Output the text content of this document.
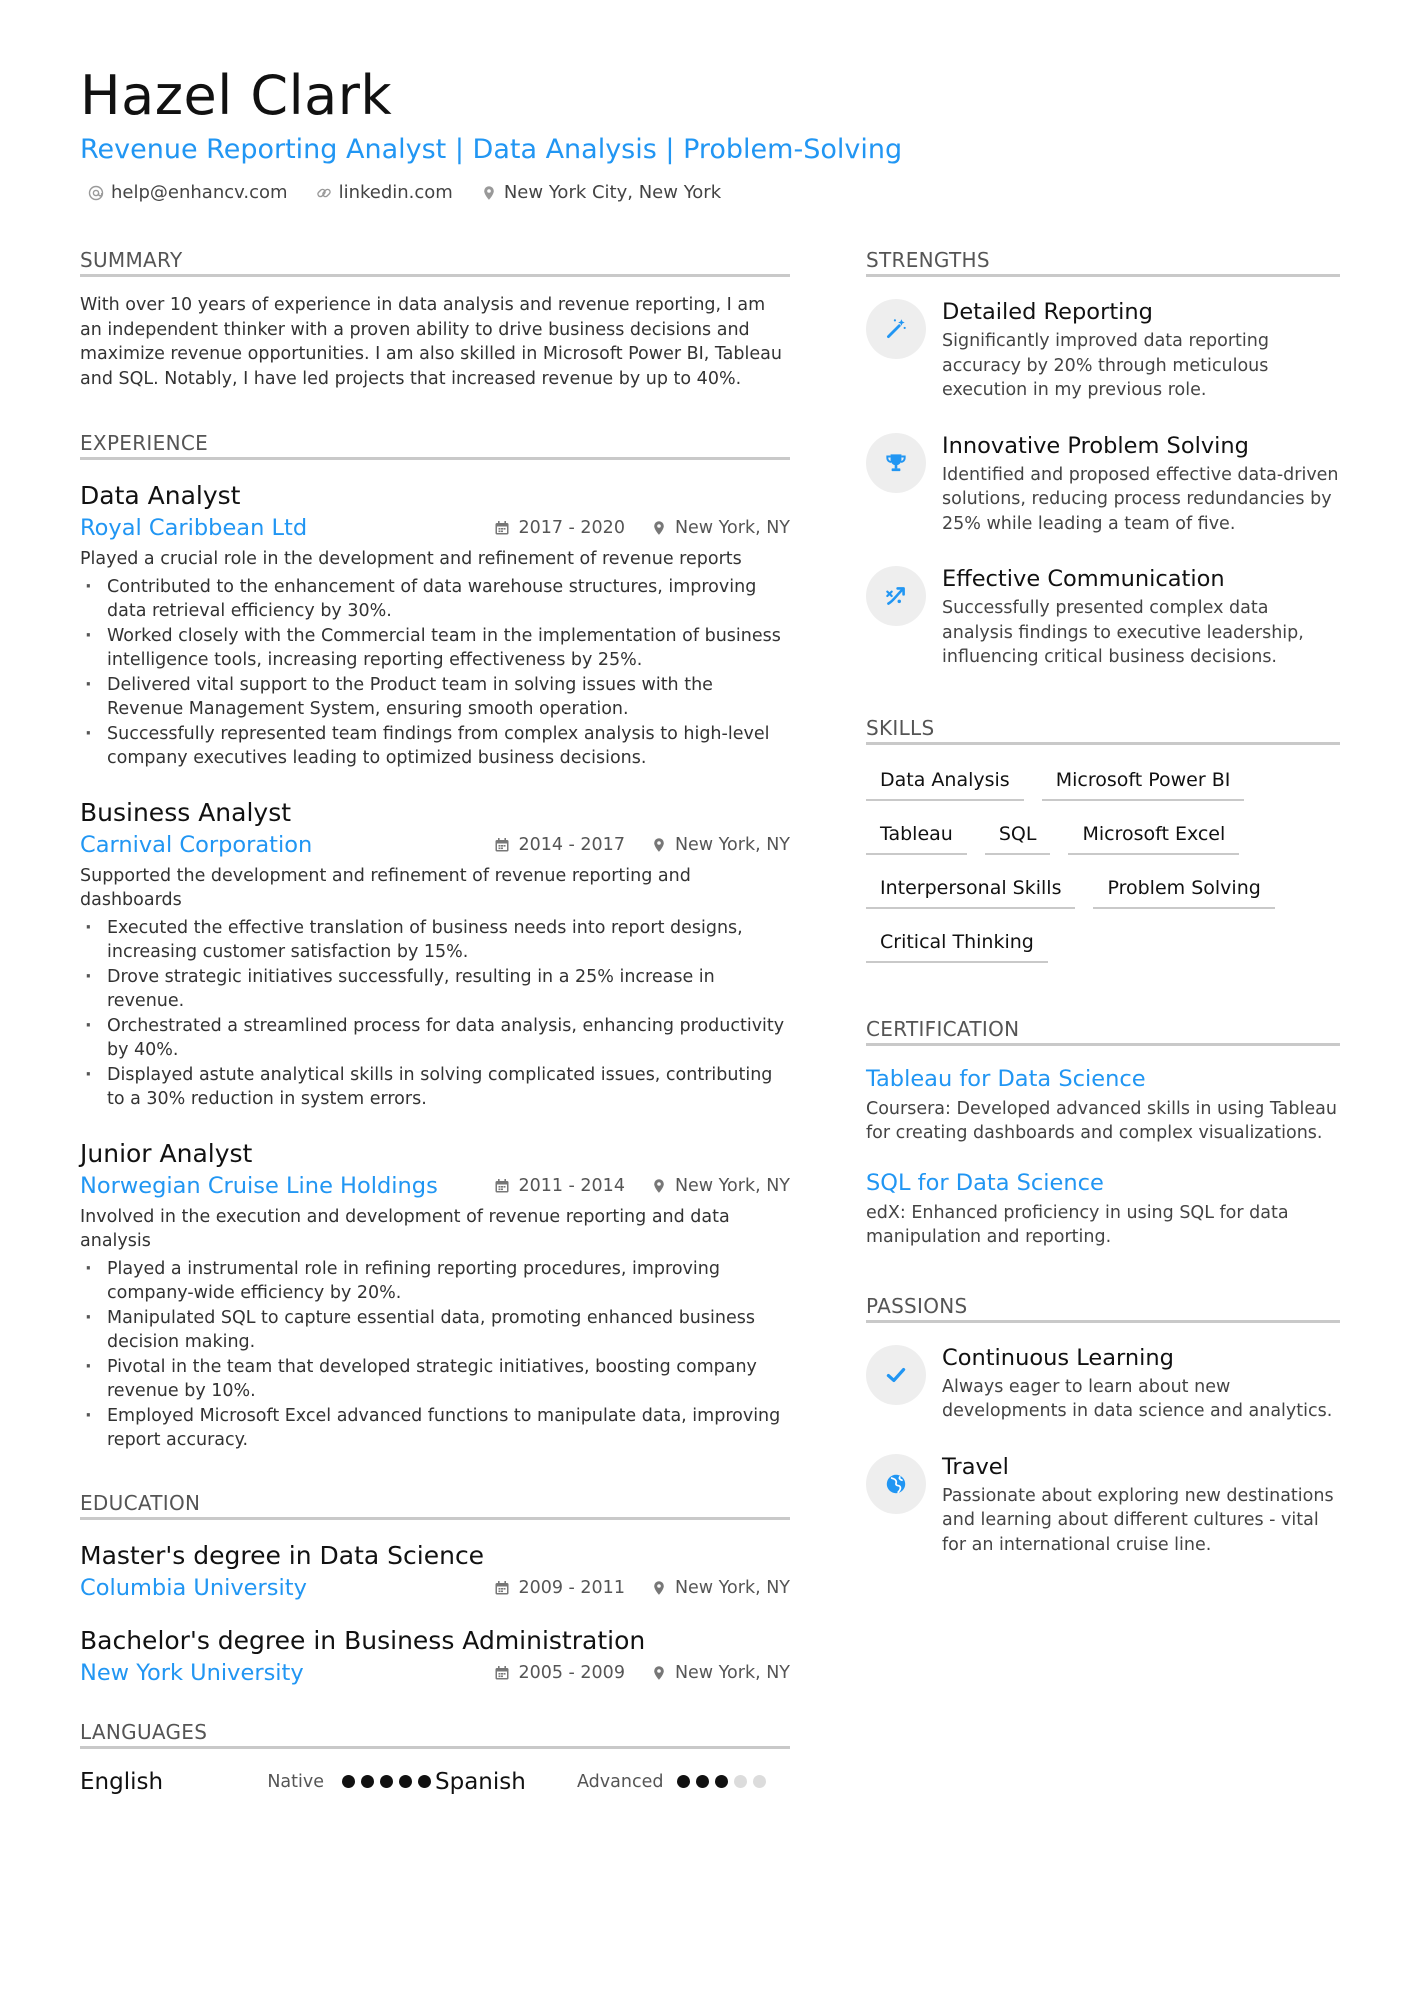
Hazel Clark
Revenue Reporting Analyst | Data Analysis | Problem-Solving
help@enhancv.com	linkedin.com	New York City, New York
SUMMARY
With over 10 years of experience in data analysis and revenue reporting, I am an independent thinker with a proven ability to drive business decisions and maximize revenue opportunities. I am also skilled in Microsoft Power BI, Tableau and SQL. Notably, I have led projects that increased revenue by up to 40%.
EXPERIENCE
Data Analyst
Royal Caribbean Ltd	2017 - 2020	New York, NY
Played a crucial role in the development and refinement of revenue reports
· Contributed to the enhancement of data warehouse structures, improving data retrieval efficiency by 30%.
· Worked closely with the Commercial team in the implementation of business intelligence tools, increasing reporting effectiveness by 25%.
· Delivered vital support to the Product team in solving issues with the Revenue Management System, ensuring smooth operation.
· Successfully represented team findings from complex analysis to high-level company executives leading to optimized business decisions.
Business Analyst
Carnival Corporation	2014 - 2017	New York, NY
Supported the development and refinement of revenue reporting and dashboards
· Executed the effective translation of business needs into report designs, increasing customer satisfaction by 15%.
· Drove strategic initiatives successfully, resulting in a 25% increase in revenue.
· Orchestrated a streamlined process for data analysis, enhancing productivity by 40%.
· Displayed astute analytical skills in solving complicated issues, contributing to a 30% reduction in system errors.
Junior Analyst
Norwegian Cruise Line Holdings	2011 - 2014	New York, NY
Involved in the execution and development of revenue reporting and data analysis
· Played a instrumental role in refining reporting procedures, improving company-wide efficiency by 20%.
· Manipulated SQL to capture essential data, promoting enhanced business decision making.
· Pivotal in the team that developed strategic initiatives, boosting company revenue by 10%.
· Employed Microsoft Excel advanced functions to manipulate data, improving report accuracy.
EDUCATION
Master's degree in Data Science
Columbia University	2009 - 2011	New York, NY
Bachelor's degree in Business Administration
New York University	2005 - 2009	New York, NY
LANGUAGES
English	Native	Spanish	Advanced
STRENGTHS
Detailed Reporting
Significantly improved data reporting accuracy by 20% through meticulous execution in my previous role.
Innovative Problem Solving
Identified and proposed effective data-driven solutions, reducing process redundancies by 25% while leading a team of five.
Effective Communication
Successfully presented complex data analysis findings to executive leadership, influencing critical business decisions.
SKILLS
Data Analysis	Microsoft Power BI
Tableau	SQL	Microsoft Excel
Interpersonal Skills	Problem Solving
Critical Thinking
CERTIFICATION
Tableau for Data Science
Coursera: Developed advanced skills in using Tableau for creating dashboards and complex visualizations.
SQL for Data Science
edX: Enhanced proficiency in using SQL for data manipulation and reporting.
PASSIONS
Continuous Learning
Always eager to learn about new developments in data science and analytics.
Travel
Passionate about exploring new destinations and learning about different cultures - vital for an international cruise line.
